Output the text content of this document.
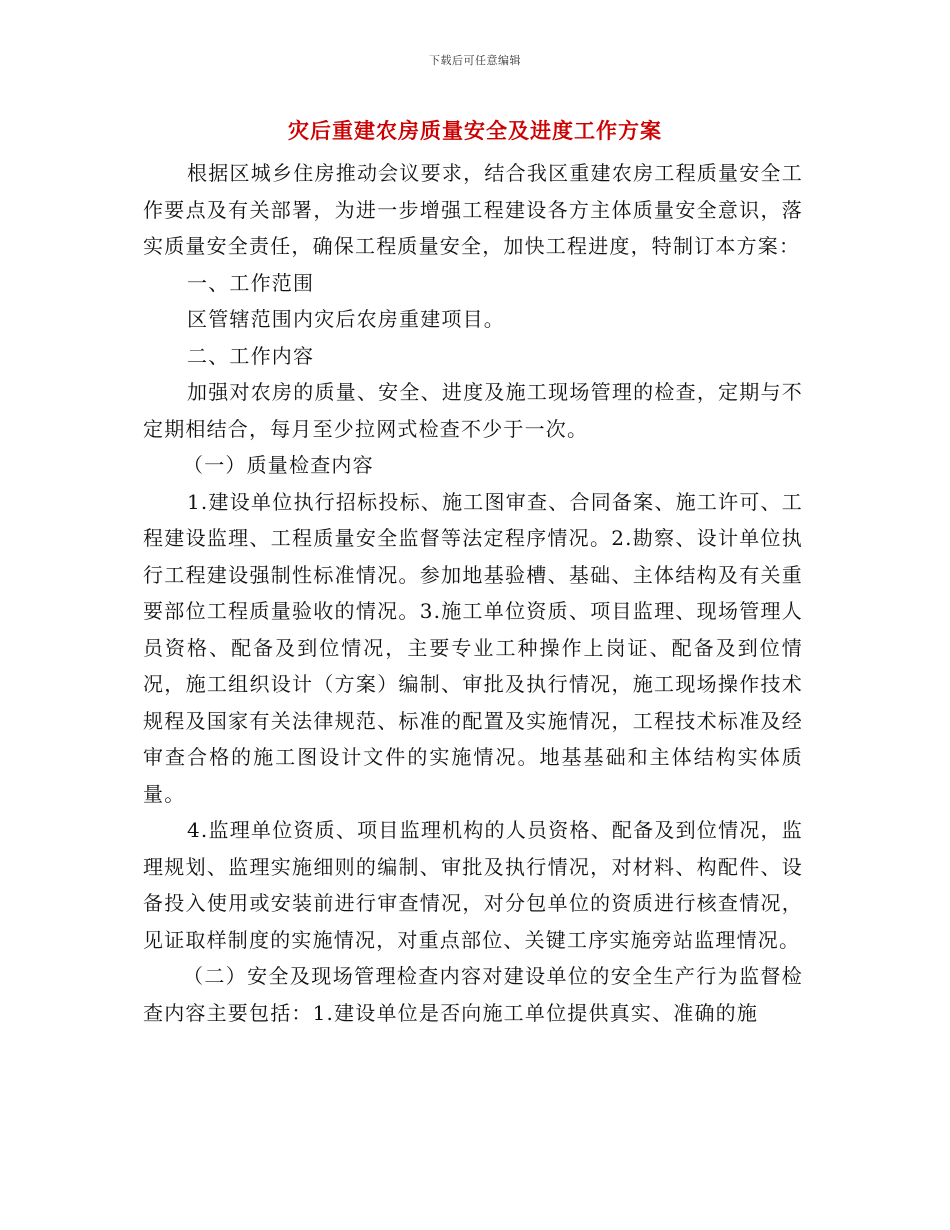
下载后可任意编辑
灾后重建农房质量安全及进度工作方案

根据区城乡住房推动会议要求，结合我区重建农房工程质量安全工作要点及有关部署，为进一步增强工程建设各方主体质量安全意识，落实质量安全责任，确保工程质量安全，加快工程进度，特制订本方案：

一、工作范围

区管辖范围内灾后农房重建项目。

二、工作内容

加强对农房的质量、安全、进度及施工现场管理的检查，定期与不定期相结合，每月至少拉网式检查不少于一次。

（一）质量检查内容

1.建设单位执行招标投标、施工图审查、合同备案、施工许可、工程建设监理、工程质量安全监督等法定程序情况。2.勘察、设计单位执行工程建设强制性标准情况。参加地基验槽、基础、主体结构及有关重要部位工程质量验收的情况。3.施工单位资质、项目监理、现场管理人员资格、配备及到位情况，主要专业工种操作上岗证、配备及到位情况，施工组织设计（方案）编制、审批及执行情况，施工现场操作技术规程及国家有关法律规范、标准的配置及实施情况，工程技术标准及经审查合格的施工图设计文件的实施情况。地基基础和主体结构实体质量。

4.监理单位资质、项目监理机构的人员资格、配备及到位情况，监理规划、监理实施细则的编制、审批及执行情况，对材料、构配件、设备投入使用或安装前进行审查情况，对分包单位的资质进行核查情况，见证取样制度的实施情况，对重点部位、关键工序实施旁站监理情况。

（二）安全及现场管理检查内容对建设单位的安全生产行为监督检查内容主要包括：1.建设单位是否向施工单位提供真实、准确的施
